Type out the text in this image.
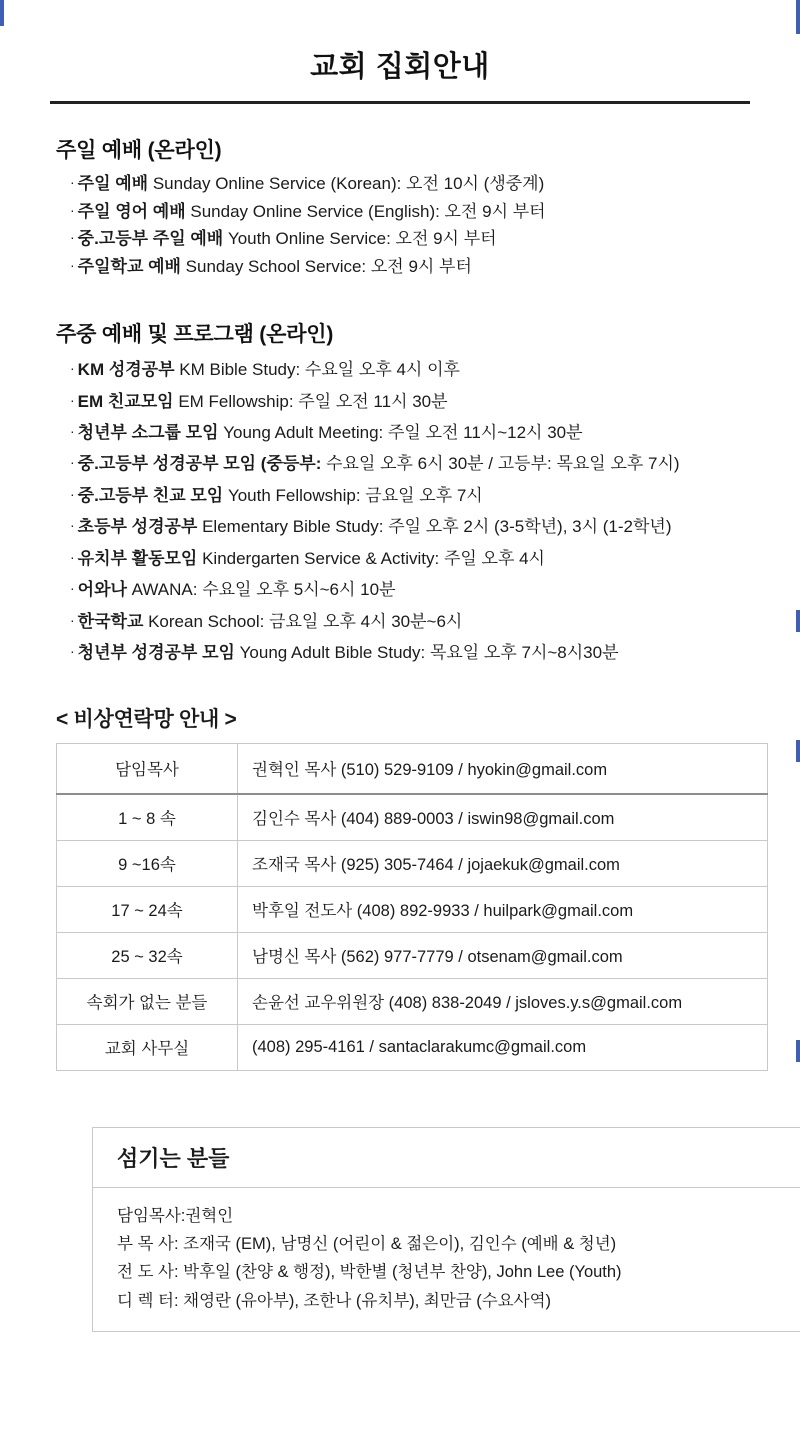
교회 집회안내
주일 예배 (온라인)
· 주일 예배 Sunday Online Service (Korean): 오전 10시 (생중계)
· 주일 영어 예배 Sunday Online Service (English): 오전 9시 부터
· 중.고등부 주일 예배 Youth Online Service: 오전 9시 부터
· 주일학교 예배 Sunday School Service: 오전 9시 부터
주중 예배 및 프로그램 (온라인)
· KM 성경공부 KM Bible Study: 수요일 오후 4시 이후
· EM 친교모임 EM Fellowship: 주일 오전 11시 30분
· 청년부 소그룹 모임 Young Adult Meeting: 주일 오전 11시~12시 30분
· 중.고등부 성경공부 모임 (중등부: 수요일 오후 6시 30분 / 고등부: 목요일 오후 7시)
· 중.고등부 친교 모임 Youth Fellowship: 금요일 오후 7시
· 초등부 성경공부 Elementary Bible Study: 주일 오후 2시 (3-5학년), 3시 (1-2학년)
· 유치부 활동모임 Kindergarten Service & Activity: 주일 오후 4시
· 어와나 AWANA: 수요일 오후 5시~6시 10분
· 한국학교 Korean School: 금요일 오후 4시 30분~6시
· 청년부 성경공부 모임 Young Adult Bible Study: 목요일 오후 7시~8시30분
< 비상연락망 안내 >
담임목사	권혁인 목사 (510) 529-9109 / hyokin@gmail.com
1 ~ 8 속	김인수 목사 (404) 889-0003 / iswin98@gmail.com
9 ~16속	조재국 목사 (925) 305-7464 / jojaekuk@gmail.com
17 ~ 24속	박후일 전도사 (408) 892-9933 / huilpark@gmail.com
25 ~ 32속	남명신 목사 (562) 977-7779 / otsenam@gmail.com
속회가 없는 분들	손윤선 교우위원장 (408) 838-2049 / jsloves.y.s@gmail.com
교회 사무실	(408) 295-4161 / santaclarakumc@gmail.com
섬기는 분들
담임목사:권혁인
부 목 사: 조재국 (EM), 남명신 (어린이 & 젊은이), 김인수 (예배 & 청년)
전 도 사: 박후일 (찬양 & 행정), 박한별 (청년부 찬양), John Lee (Youth)
디 렉 터: 채영란 (유아부), 조한나 (유치부), 최만금 (수요사역)
